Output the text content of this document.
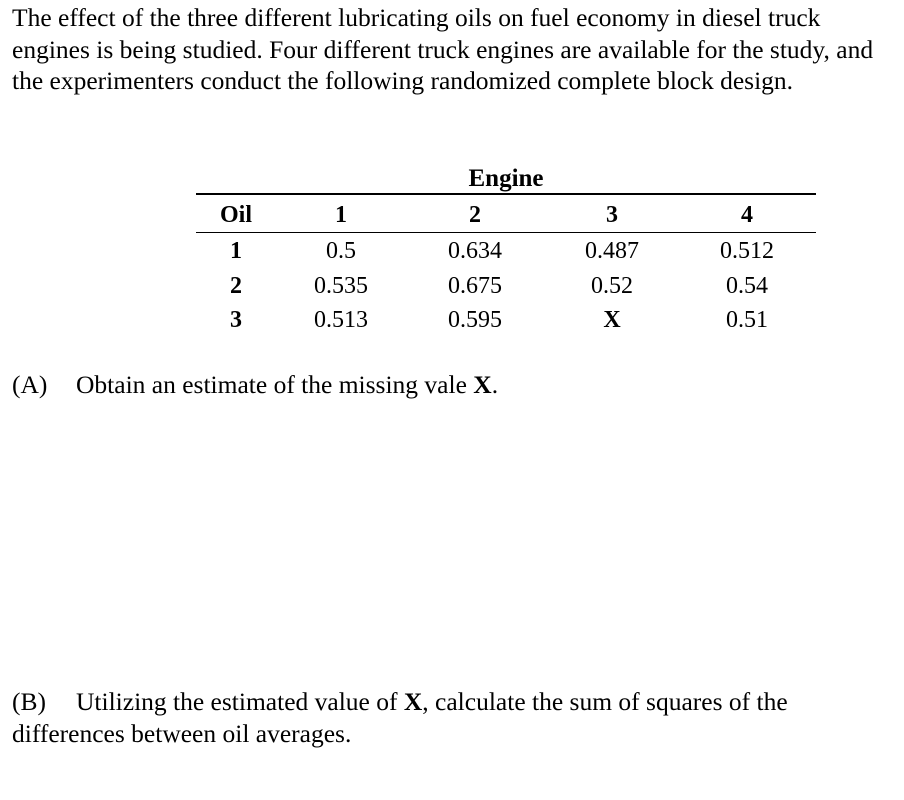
The effect of the three different lubricating oils on fuel economy in diesel truck engines is being studied. Four different truck engines are available for the study, and the experimenters conduct the following randomized complete block design.

Engine
Oil	1	2	3	4
1	0.5	0.634	0.487	0.512
2	0.535	0.675	0.52	0.54
3	0.513	0.595	X	0.51

(A) Obtain an estimate of the missing vale X.

(B) Utilizing the estimated value of X, calculate the sum of squares of the differences between oil averages.
